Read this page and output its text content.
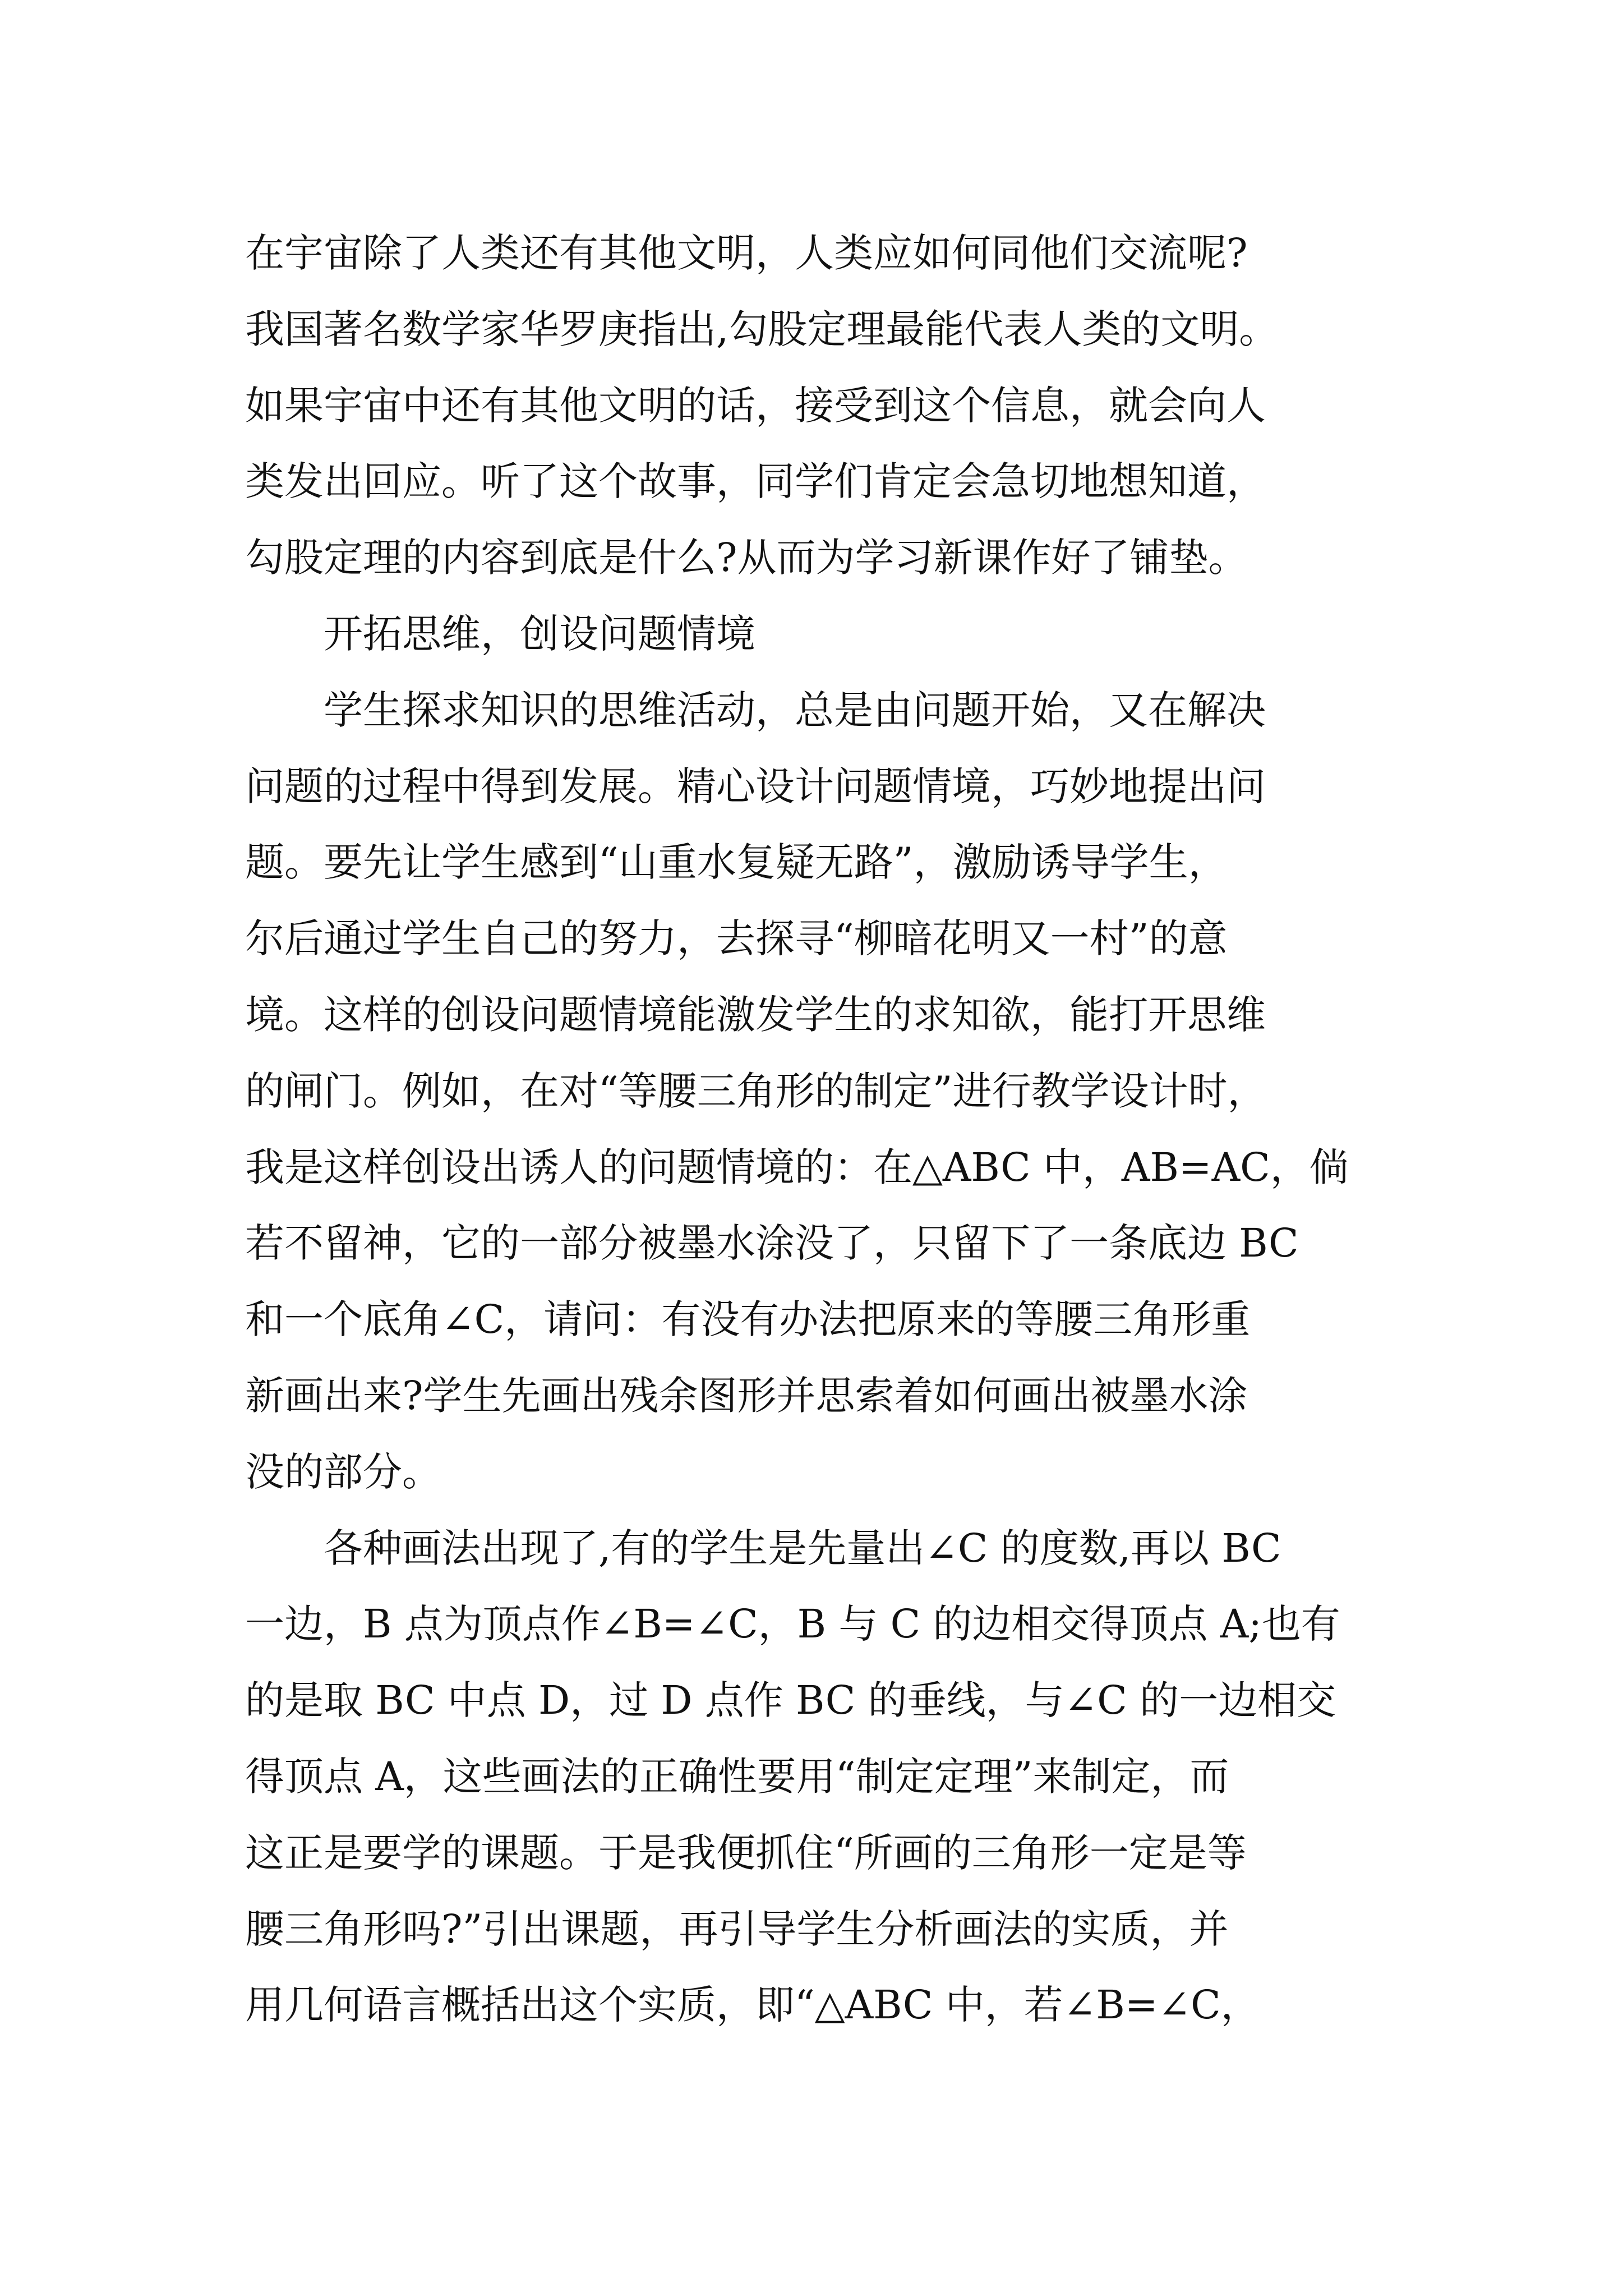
在宇宙除了人类还有其他文明，人类应如何同他们交流呢?
我国著名数学家华罗庚指出,勾股定理最能代表人类的文明。
如果宇宙中还有其他文明的话，接受到这个信息，就会向人
类发出回应。听了这个故事，同学们肯定会急切地想知道，
勾股定理的内容到底是什么?从而为学习新课作好了铺垫。
开拓思维，创设问题情境
学生探求知识的思维活动，总是由问题开始，又在解决
问题的过程中得到发展。精心设计问题情境，巧妙地提出问
题。要先让学生感到“山重水复疑无路”，激励诱导学生，
尔后通过学生自己的努力，去探寻“柳暗花明又一村”的意
境。这样的创设问题情境能激发学生的求知欲，能打开思维
的闸门。例如，在对“等腰三角形的制定”进行教学设计时，
我是这样创设出诱人的问题情境的：在△ABC 中，AB=AC，倘
若不留神，它的一部分被墨水涂没了，只留下了一条底边 BC
和一个底角∠C，请问：有没有办法把原来的等腰三角形重
新画出来?学生先画出残余图形并思索着如何画出被墨水涂
没的部分。
各种画法出现了,有的学生是先量出∠C 的度数,再以 BC
一边，B 点为顶点作∠B=∠C，B 与 C 的边相交得顶点 A;也有
的是取 BC 中点 D，过 D 点作 BC 的垂线，与∠C 的一边相交
得顶点 A，这些画法的正确性要用“制定定理”来制定，而
这正是要学的课题。于是我便抓住“所画的三角形一定是等
腰三角形吗?”引出课题，再引导学生分析画法的实质，并
用几何语言概括出这个实质，即“△ABC 中，若∠B=∠C，
